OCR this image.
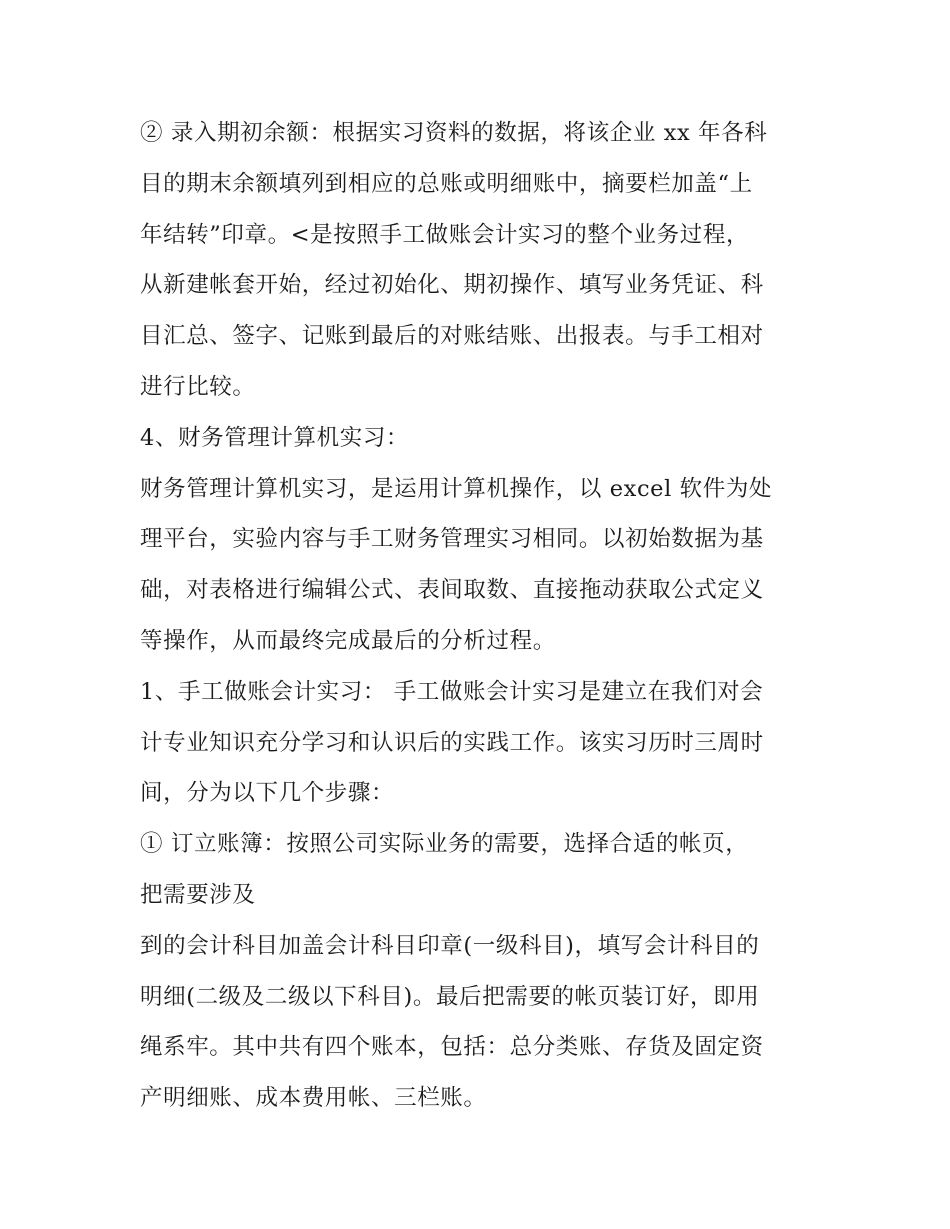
② 录入期初余额：根据实习资料的数据，将该企业 xx 年各科
目的期末余额填列到相应的总账或明细账中，摘要栏加盖“上
年结转”印章。<是按照手工做账会计实习的整个业务过程，
从新建帐套开始，经过初始化、期初操作、填写业务凭证、科
目汇总、签字、记账到最后的对账结账、出报表。与手工相对
进行比较。
4、财务管理计算机实习：
财务管理计算机实习，是运用计算机操作，以 excel 软件为处
理平台，实验内容与手工财务管理实习相同。以初始数据为基
础，对表格进行编辑公式、表间取数、直接拖动获取公式定义
等操作，从而最终完成最后的分析过程。
1、手工做账会计实习： 手工做账会计实习是建立在我们对会
计专业知识充分学习和认识后的实践工作。该实习历时三周时
间，分为以下几个步骤：
① 订立账簿：按照公司实际业务的需要，选择合适的帐页，
把需要涉及
到的会计科目加盖会计科目印章(一级科目)，填写会计科目的
明细(二级及二级以下科目)。最后把需要的帐页装订好，即用
绳系牢。其中共有四个账本，包括：总分类账、存货及固定资
产明细账、成本费用帐、三栏账。
